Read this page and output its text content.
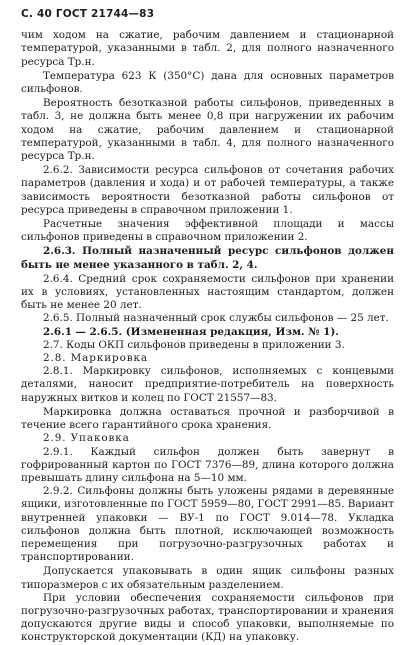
С. 40 ГОСТ 21744—83

чим ходом на сжатие, рабочим давлением и стационарной температурой, указанными в табл. 2, для полного назначенного ресурса Tр.н.

Температура 623 К (350°С) дана для основных параметров сильфонов.

Вероятность безотказной работы сильфонов, приведенных в табл. 3, не должна быть менее 0,8 при нагружении их рабочим ходом на сжатие, рабочим давлением и стационарной температурой, указанными в табл. 4, для полного назначенного ресурса Tр.н.

2.6.2. Зависимости ресурса сильфонов от сочетания рабочих параметров (давления и хода) и от рабочей температуры, а также зависимость вероятности безотказной работы сильфонов от ресурса приведены в справочном приложении 1.

Расчетные значения эффективной площади и массы сильфонов приведены в справочном приложении 2.

2.6.3. Полный назначенный ресурс сильфонов должен быть не менее указанного в табл. 2, 4.

2.6.4. Средний срок сохраняемости сильфонов при хранении их в условиях, установленных настоящим стандартом, должен быть не менее 20 лет.

2.6.5. Полный назначенный срок службы сильфонов — 25 лет.

2.6.1 — 2.6.5. (Измененная редакция, Изм. № 1).

2.7. Коды ОКП сильфонов приведены в приложении 3.

2.8. Маркировка

2.8.1. Маркировку сильфонов, исполняемых с концевыми деталями, наносит предприятие-потребитель на поверхность наружных витков и колец по ГОСТ 21557—83.

Маркировка должна оставаться прочной и разборчивой в течение всего гарантийного срока хранения.

2.9. Упаковка

2.9.1. Каждый сильфон должен быть завернут в гофрированный картон по ГОСТ 7376—89, длина которого должна превышать длину сильфона на 5—10 мм.

2.9.2. Сильфоны должны быть уложены рядами в деревянные ящики, изготовленные по ГОСТ 5959—80, ГОСТ 2991—85. Вариант внутренней упаковки — ВУ-1 по ГОСТ 9.014—78. Укладка сильфонов должна быть плотной, исключающей возможность перемещения при погрузочно-разгрузочных работах и транспортировании.

Допускается упаковывать в один ящик сильфоны разных типоразмеров с их обязательным разделением.

При условии обеспечения сохраняемости сильфонов при погрузочно-разгрузочных работах, транспортировании и хранения допускаются другие виды и способ упаковки, выполняемые по конструкторской документации (КД) на упаковку.
